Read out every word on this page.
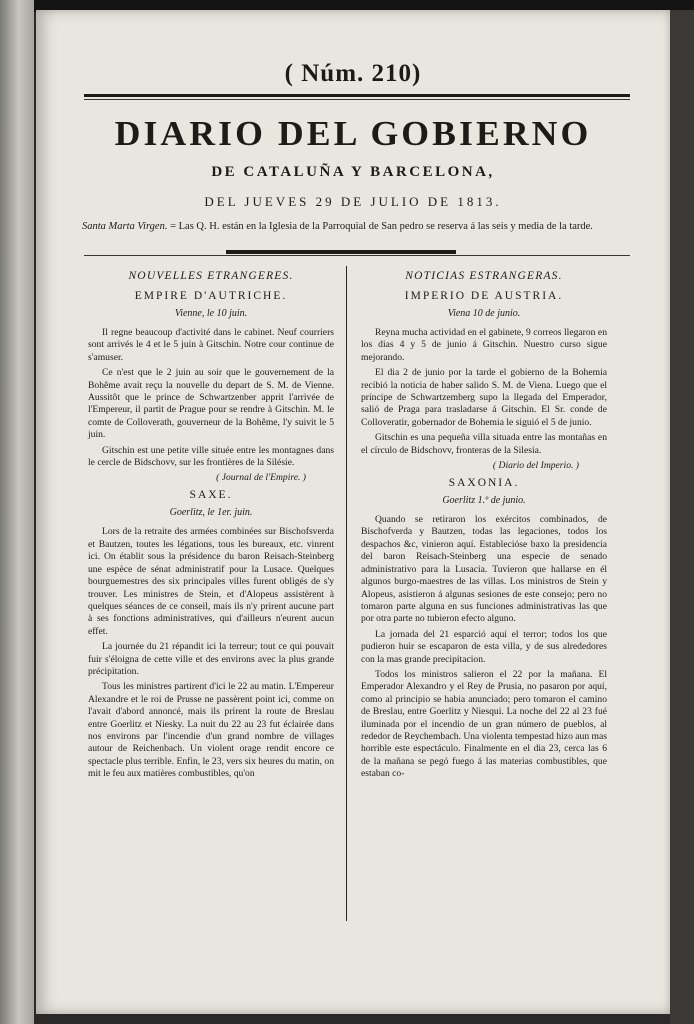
( Núm. 210)
DIARIO DEL GOBIERNO
DE CATALUÑA Y BARCELONA,
DEL JUEVES 29 DE JULIO DE 1813.
Santa Marta Virgen. = Las Q. H. están en la Iglesia de la Parroquial de San pedro se reserva á las seis y media de la tarde.
NOUVELLES ETRANGERES.
EMPIRE D'AUTRICHE.
Vienne, le 10 juin.

Il regne beaucoup d'activité dans le cabinet. Neuf courriers sont arrivés le 4 et le 5 juin à Gitschin. Notre cour continue de s'amuser.

Ce n'est que le 2 juin au soir que le gouvernement de la Bohême avait reçu la nouvelle du depart de S. M. de Vienne. Aussitôt que le prince de Schwartzenber apprit l'arrivée de l'Empereur, il partit de Prague pour se rendre à Gitschin. M. le comte de Colloverath, gouverneur de la Bohême, l'y suivit le 5 juin.

Gitschin est une petite ville située entre les montagnes dans le cercle de Bidschovv, sur les frontières de la Silésie.

( Journal de l'Empire. )
SAXE.
Goerlitz, le 1er. juin.

Lors de la retraite des armées combinées sur Bischofsverda et Bautzen, toutes les légations, tous les bureaux, etc. vinrent ici. On établit sous la présidence du baron Reisach-Steinberg une espèce de sénat administratif pour la Lusace. Quelques bourguemestres des six principales villes furent obligés de s'y trouver. Les ministres de Stein, et d'Alopeus assistèrent à quelques séances de ce conseil, mais ils n'y prirent aucune part à ses fonctions administratives, qui d'ailleurs n'eurent aucun effet.

La journée du 21 répandit ici la terreur; tout ce qui pouvait fuir s'éloigna de cette ville et des environs avec la plus grande précipitation.

Tous les ministres partirent d'ici le 22 au matin. L'Empereur Alexandre et le roi de Prusse ne passèrent point ici, comme on l'avait d'abord annoncé, mais ils prirent la route de Breslau entre Goerlitz et Niesky. La nuit du 22 au 23 fut éclairée dans nos environs par l'incendie d'un grand nombre de villages autour de Reichenbach. Un violent orage rendit encore ce spectacle plus terrible. Enfin, le 23, vers six heures du matin, on mit le feu aux matières combustibles, qu'on

NOTICIAS ESTRANGERAS.
IMPERIO DE AUSTRIA.
Viena 10 de junio.

Reyna mucha actividad en el gabinete, 9 correos llegaron en los dias 4 y 5 de junio á Gitschin. Nuestro curso sigue mejorando.

El dia 2 de junio por la tarde el gobierno de la Bohemia recibió la noticia de haber salido S. M. de Viena. Luego que el príncipe de Schwartzemberg supo la llegada del Emperador, salió de Praga para trasladarse á Gitschin. El Sr. conde de Colloveratir, gobernador de Bohemia le siguió el 5 de junio.

Gitschin es una pequeña villa situada entre las montañas en el círculo de Bidschovv, fronteras de la Silesia.

( Diario del Imperio. )
SAXONIA.
Goerlitz 1.º de junio.

Quando se retiraron los exércitos combinados, de Bischofverda y Bautzen, todas las legaciones, todos los despachos &c, vinieron aquí. Establecióse baxo la presidencia del baron Reisach-Steinberg una especie de senado administrativo para la Lusacia. Tuvieron que hallarse en él algunos burgo-maestres de las villas. Los ministros de Stein y Alopeus, asistieron á algunas sesiones de este consejo; pero no tomaron parte alguna en sus funciones administrativas las que por otra parte no tubieron efecto alguno.

La jornada del 21 esparció aquí el terror; todos los que pudieron huir se escaparon de esta villa, y de sus alrededores con la mas grande precipitacion.

Todos los ministros salieron el 22 por la mañana. El Emperador Alexandro y el Rey de Prusia, no pasaron por aquí, como al principio se habia anunciado; pero tomaron el camino de Breslau, entre Goerlitz y Niesqui. La noche del 22 al 23 fué iluminada por el incendio de un gran número de pueblos, al rededor de Reychembach. Una violenta tempestad hizo aun mas horrible este espectáculo. Finalmente en el dia 23, cerca las 6 de la mañana se pegó fuego á las materias combustibles, que estaban co-
